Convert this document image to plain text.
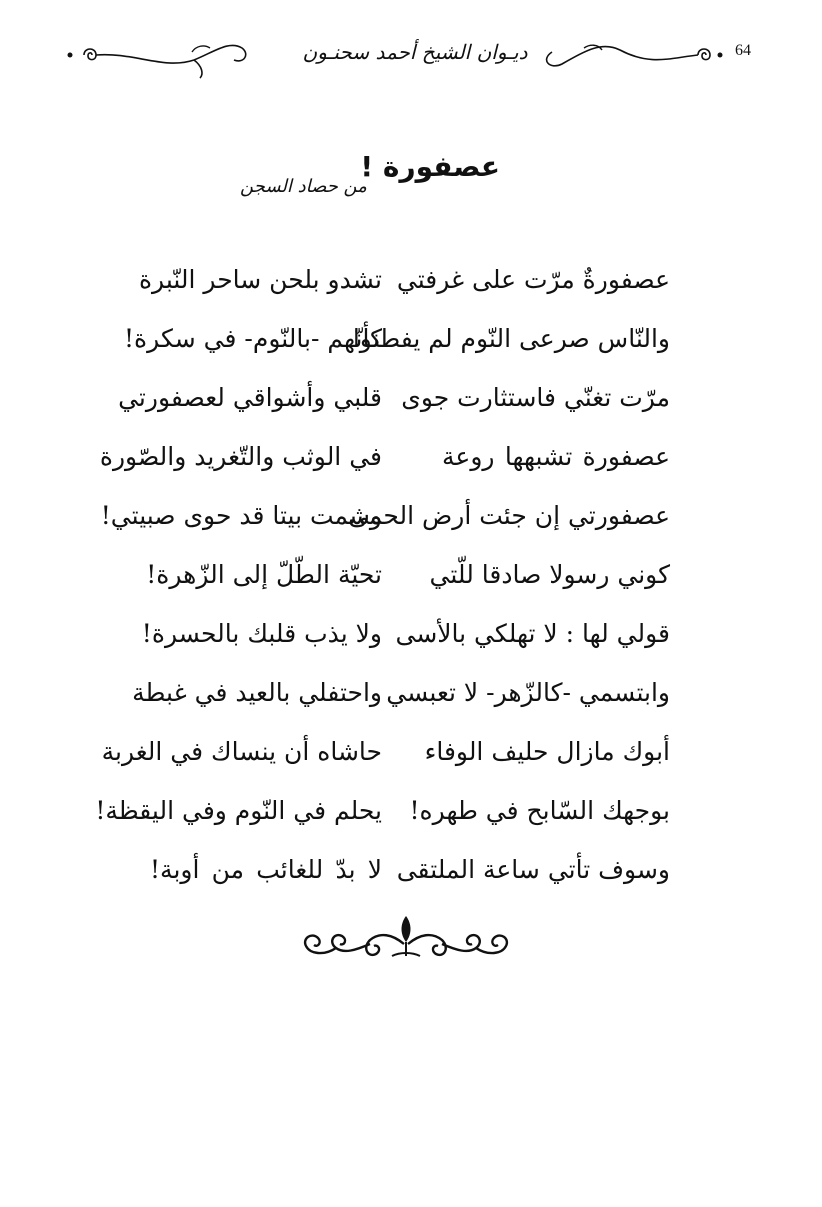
ديـوان الشيخ أحمد سحنـون	64
عصفورة !
من حصاد السجن
عصفورةٌ مرّت على غرفتي
تشدو بلحن ساحر النّبرة
والنّاس صرعى النّوم لم يفطنوا
كأنّهم -بالنّوم- في سكرة!
مرّت تغنّي فاستثارت جوى
قلبي وأشواقي لعصفورتي
عصفورة تشبهها روعة
في الوثب والتّغريد والصّورة
عصفورتي إن جئت أرض الحمى
وشمت بيتا قد حوى صبيتي!
كوني رسولا صادقا للّتي
تحيّة الطّلّ إلى الزّهرة!
قولي لها : لا تهلكي بالأسى
ولا يذب قلبك بالحسرة!
وابتسمي -كالزّهر- لا تعبسي
واحتفلي بالعيد في غبطة
أبوك مازال حليف الوفاء
حاشاه أن ينساك في الغربة
بوجهك السّابح في طهره!
يحلم في النّوم وفي اليقظة!
وسوف تأتي ساعة الملتقى
لا بدّ للغائب من أوبة!
